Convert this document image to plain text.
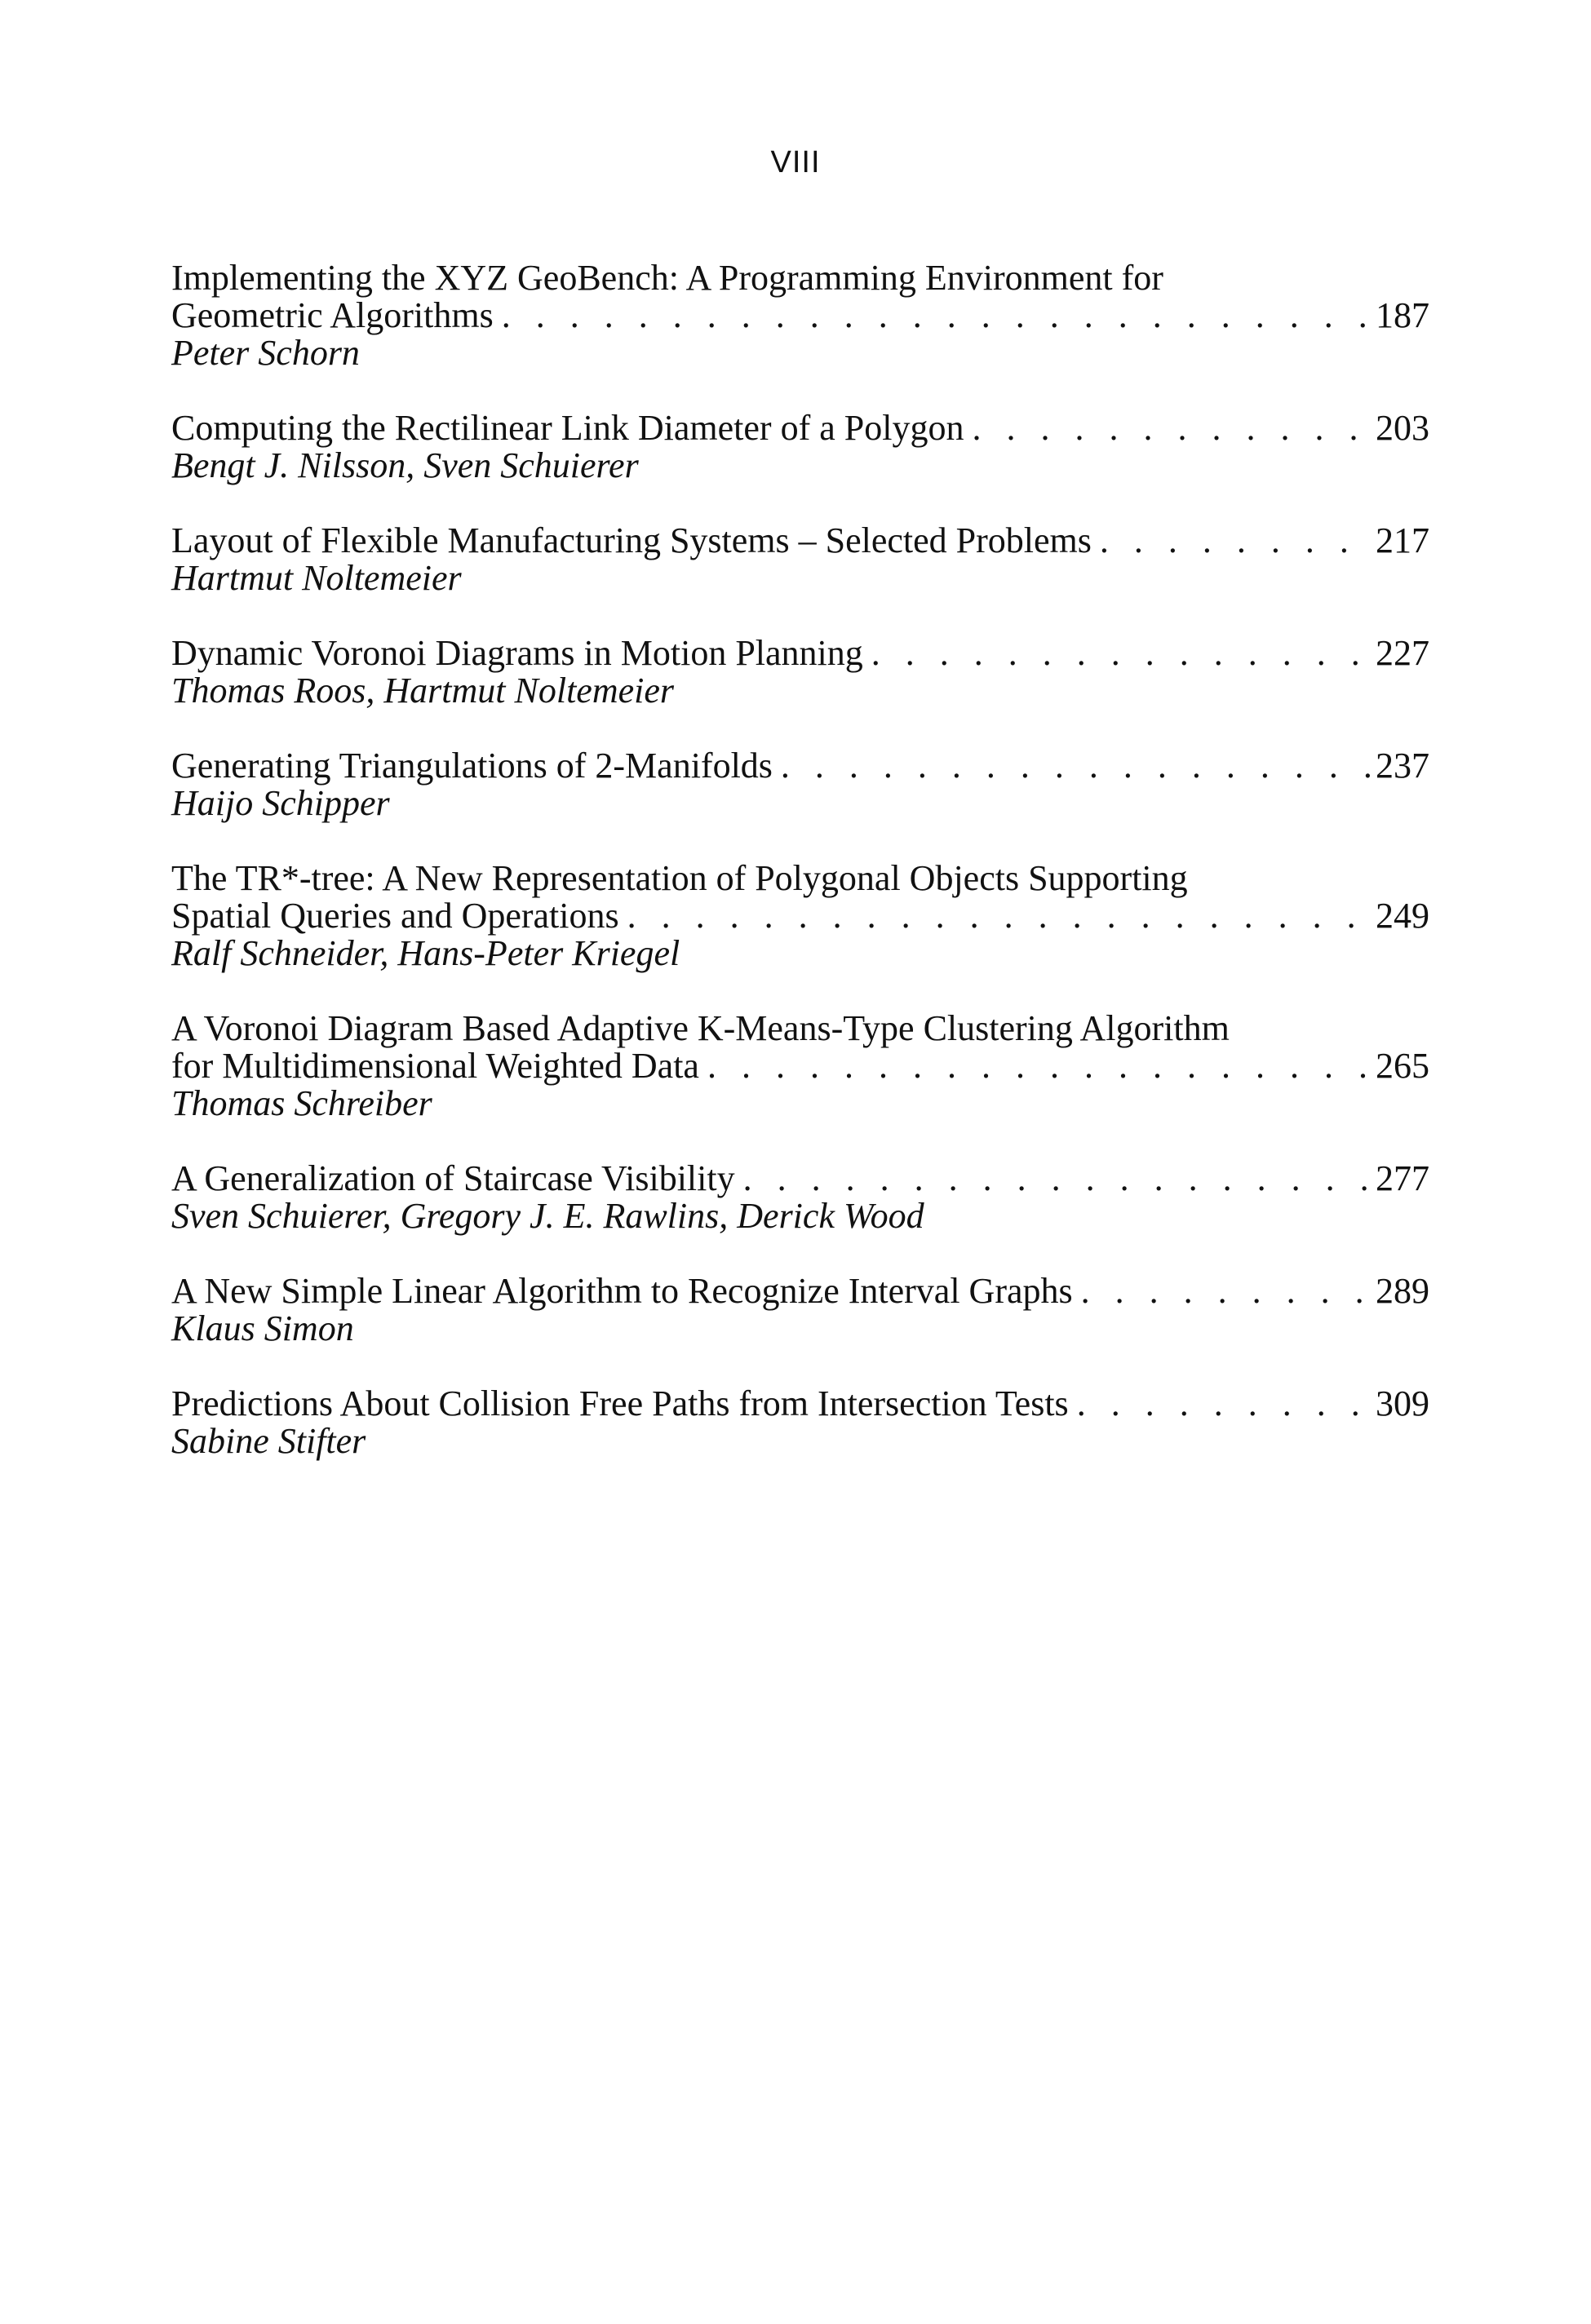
VIII
Implementing the XYZ GeoBench: A Programming Environment for
Geometric Algorithms . . .	187
Peter Schorn
Computing the Rectilinear Link Diameter of a Polygon . . .	203
Bengt J. Nilsson, Sven Schuierer
Layout of Flexible Manufacturing Systems – Selected Problems . . .	217
Hartmut Noltemeier
Dynamic Voronoi Diagrams in Motion Planning . . .	227
Thomas Roos, Hartmut Noltemeier
Generating Triangulations of 2-Manifolds . . .	237
Haijo Schipper
The TR*-tree: A New Representation of Polygonal Objects Supporting
Spatial Queries and Operations . . .	249
Ralf Schneider, Hans-Peter Kriegel
A Voronoi Diagram Based Adaptive K-Means-Type Clustering Algorithm
for Multidimensional Weighted Data . . .	265
Thomas Schreiber
A Generalization of Staircase Visibility . . .	277
Sven Schuierer, Gregory J. E. Rawlins, Derick Wood
A New Simple Linear Algorithm to Recognize Interval Graphs . . .	289
Klaus Simon
Predictions About Collision Free Paths from Intersection Tests . . .	309
Sabine Stifter
